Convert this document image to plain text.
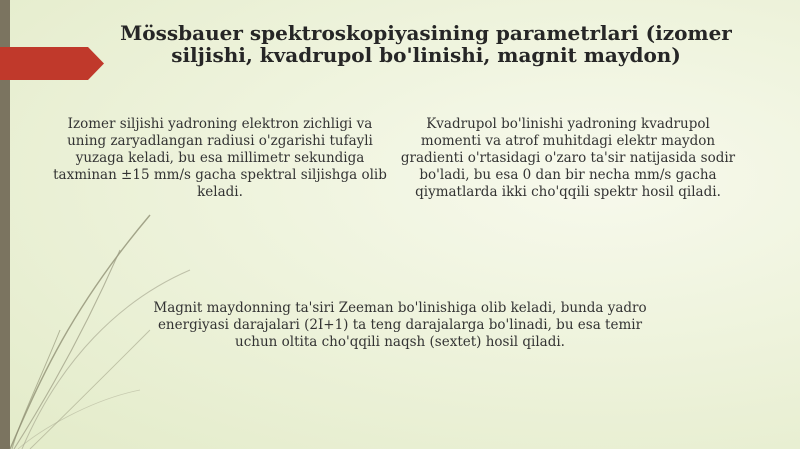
Mössbauer spektroskopiyasining parametrlari (izomer siljishi, kvadrupol bo'linishi, magnit maydon)

Izomer siljishi yadroning elektron zichligi va uning zaryadlangan radiusi o'zgarishi tufayli yuzaga keladi, bu esa millimetr sekundiga taxminan ±15 mm/s gacha spektral siljishga olib keladi.

Kvadrupol bo'linishi yadroning kvadrupol momenti va atrof muhitdagi elektr maydon gradienti o'rtasidagi o'zaro ta'sir natijasida sodir bo'ladi, bu esa 0 dan bir necha mm/s gacha qiymatlarda ikki cho'qqili spektr hosil qiladi.

Magnit maydonning ta'siri Zeeman bo'linishiga olib keladi, bunda yadro energiyasi darajalari (2I+1) ta teng darajalarga bo'linadi, bu esa temir uchun oltita cho'qqili naqsh (sextet) hosil qiladi.
